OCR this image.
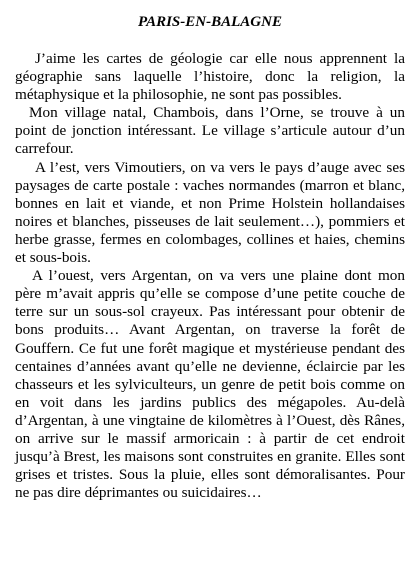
PARIS-EN-BALAGNE

J’aime les cartes de géologie car elle nous apprennent la géographie sans laquelle l’histoire, donc la religion, la métaphysique et la philosophie, ne sont pas possibles.

Mon village natal, Chambois, dans l’Orne, se trouve à un point de jonction intéressant. Le village s’articule autour d’un carrefour.

A l’est, vers Vimoutiers, on va vers le pays d’auge avec ses paysages de carte postale : vaches normandes (marron et blanc, bonnes en lait et viande, et non Prime Holstein hollandaises noires et blanches, pisseuses de lait seulement…), pommiers et herbe grasse, fermes en colombages, collines et haies, chemins et sous-bois.

A l’ouest, vers Argentan, on va vers une plaine dont mon père m’avait appris qu’elle se compose d’une petite couche de terre sur un sous-sol crayeux. Pas intéressant pour obtenir de bons produits… Avant Argentan, on traverse la forêt de Gouffern. Ce fut une forêt magique et mystérieuse pendant des centaines d’années avant qu’elle ne devienne, éclaircie par les chasseurs et les sylviculteurs, un genre de petit bois comme on en voit dans les jardins publics des mégapoles. Au-delà d’Argentan, à une vingtaine de kilomètres à l’Ouest, dès Rânes, on arrive sur le massif armoricain : à partir de cet endroit jusqu’à Brest, les maisons sont construites en granite. Elles sont grises et tristes. Sous la pluie, elles sont démoralisantes. Pour ne pas dire déprimantes ou suicidaires…
